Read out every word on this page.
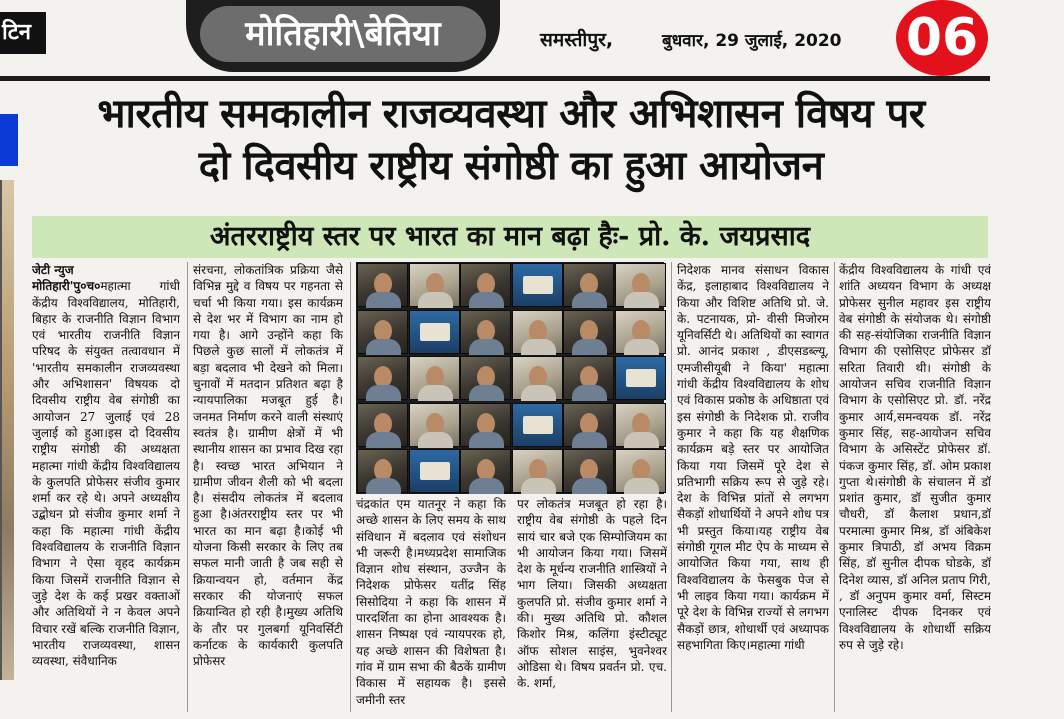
टिन	मोतिहारी\बेतिया	समस्तीपुर,	बुधवार, 29 जुलाई, 2020 06
भारतीय समकालीन राजव्यवस्था और अभिशासन विषय पर
दो दिवसीय राष्ट्रीय संगोष्ठी का हुआ आयोजन
अंतरराष्ट्रीय स्तर पर भारत का मान बढ़ा हैः- प्रो. के. जयप्रसाद
जेटी न्युज
मोतिहारी'पु०च०महात्मा गांधी केंद्रीय विश्वविद्यालय, मोतिहारी, बिहार के राजनीति विज्ञान विभाग एवं भारतीय राजनीति विज्ञान परिषद के संयुक्त तत्वावधान में 'भारतीय समकालीन राजव्यवस्था और अभिशासन' विषयक दो दिवसीय राष्ट्रीय वेब संगोष्ठी का आयोजन 27 जुलाई एवं 28 जुलाई को हुआ।इस दो दिवसीय राष्ट्रीय संगोष्ठी की अध्यक्षता महात्मा गांधी केंद्रीय विश्वविद्यालय के कुलपति प्रोफेसर संजीव कुमार शर्मा कर रहे थे। अपने अध्यक्षीय उद्बोधन प्रो संजीव कुमार शर्मा ने कहा कि महात्मा गांधी केंद्रीय विश्वविद्यालय के राजनीति विज्ञान विभाग ने ऐसा वृहद कार्यक्रम किया जिसमें राजनीति विज्ञान से जुड़े देश के कई प्रखर वक्ताओं और अतिथियों ने न केवल अपने विचार रखें बल्कि राजनीति विज्ञान, भारतीय राजव्यवस्था, शासन व्यवस्था, संवैधानिक
संरचना, लोकतांत्रिक प्रक्रिया जैसे विभिन्न मुद्दे व विषय पर गहनता से चर्चा भी किया गया। इस कार्यक्रम से देश भर में विभाग का नाम हो गया है। आगे उन्होंने कहा कि पिछले कुछ सालों में लोकतंत्र में बड़ा बदलाव भी देखने को मिला। चुनावों में मतदान प्रतिशत बढ़ा है न्यायपालिका मजबूत हुई है। जनमत निर्माण करने वाली संस्थाएं स्वतंत्र है। ग्रामीण क्षेत्रों में भी स्थानीय शासन का प्रभाव दिख रहा है। स्वच्छ भारत अभियान ने ग्रामीण जीवन शैली को भी बदला है। संसदीय लोकतंत्र में बदलाव हुआ है।अंतरराष्ट्रीय स्तर पर भी भारत का मान बढ़ा है।कोई भी योजना किसी सरकार के लिए तब सफल मानी जाती है जब सही से क्रियान्वयन हो, वर्तमान केंद्र सरकार की योजनाएं सफल क्रियान्वित हो रही है।मुख्य अतिथि के तौर पर गुलबर्गा यूनिवर्सिटी कर्नाटक के कार्यकारी कुलपति प्रोफेसर
चंद्रकांत एम यातनूर ने कहा कि अच्छे शासन के लिए समय के साथ संविधान में बदलाव एवं संशोधन भी जरूरी है।मध्यप्रदेश सामाजिक विज्ञान शोध संस्थान, उज्जैन के निदेशक प्रोफेसर यतींद्र सिंह सिसोदिया ने कहा कि शासन में पारदर्शिता का होना आवश्यक है। शासन निष्पक्ष एवं न्यायपरक हो, यह अच्छे शासन की विशेषता है। गांव में ग्राम सभा की बैठकें ग्रामीण विकास में सहायक है। इससे जमीनी स्तर
पर लोकतंत्र मजबूत हो रहा है।राष्ट्रीय वेब संगोष्ठी के पहले दिन सायं चार बजे एक सिम्पोजियम का भी आयोजन किया गया। जिसमें देश के मूर्धन्य राजनीति शास्त्रियों ने भाग लिया। जिसकी अध्यक्षता कुलपति प्रो. संजीव कुमार शर्मा ने की। मुख्य अतिथि प्रो. कौशल किशोर मिश्र, कलिंगा इंस्टीट्यूट ऑफ सोशल साइंस, भुवनेश्वर ओडिसा थे। विषय प्रवर्तन प्रो. एच. के. शर्मा,
निदेशक मानव संसाधन विकास केंद्र, इलाहाबाद विश्वविद्यालय ने किया और विशिष्ट अतिथि प्रो. जे. के. पटनायक, प्रो- वीसी मिजोरम यूनिवर्सिटी थे। अतिथियों का स्वागत प्रो. आनंद प्रकाश , डीएसडब्ल्यू, एमजीसीयूबी ने किया' महात्मा गांधी केंद्रीय विश्वविद्यालय के शोध एवं विकास प्रकोष्ठ के अधिष्ठाता एवं इस संगोष्ठी के निदेशक प्रो. राजीव कुमार ने कहा कि यह शैक्षणिक कार्यक्रम बड़े स्तर पर आयोजित किया गया जिसमें पूरे देश से प्रतिभागी सक्रिय रूप से जुड़े रहे। देश के विभिन्न प्रांतों से लगभग सैकड़ों शोधार्थियों ने अपने शोध पत्र भी प्रस्तुत किया।यह राष्ट्रीय वेब संगोष्ठी गूगल मीट ऐप के माध्यम से आयोजित किया गया, साथ ही विश्वविद्यालय के फेसबुक पेज से भी लाइव किया गया। कार्यक्रम में पूरे देश के विभिन्न राज्यों से लगभग सैकड़ों छात्र, शोधार्थी एवं अध्यापक सहभागिता किए।महात्मा गांधी
केंद्रीय विश्वविद्यालय के गांधी एवं शांति अध्ययन विभाग के अध्यक्ष प्रोफेसर सुनील महावर इस राष्ट्रीय वेब संगोष्ठी के संयोजक थे। संगोष्ठी की सह-संयोजिका राजनीति विज्ञान विभाग की एसोसिएट प्रोफेसर डॉ सरिता तिवारी थी। संगोष्ठी के आयोजन सचिव राजनीति विज्ञान विभाग के एसोसिएट प्रो. डॉ. नरेंद्र कुमार आर्य,समन्वयक डॉ. नरेंद्र कुमार सिंह, सह-आयोजन सचिव विभाग के असिस्टेंट प्रोफेसर डॉ. पंकज कुमार सिंह, डॉ. ओम प्रकाश गुप्ता थे।संगोष्ठी के संचालन में डॉ प्रशांत कुमार, डॉ सुजीत कुमार चौधरी, डॉ कैलाश प्रधान,डॉ परमात्मा कुमार मिश्र, डॉ अंबिकेश कुमार त्रिपाठी, डॉ अभय विक्रम सिंह, डॉ सुनील दीपक घोडके, डॉ दिनेश व्यास, डॉ अनिल प्रताप गिरी, , डॉ अनुपम कुमार वर्मा, सिस्टम एनालिस्ट दीपक दिनकर एवं विश्वविद्यालय के शोधार्थी सक्रिय रुप से जुड़े रहे।
